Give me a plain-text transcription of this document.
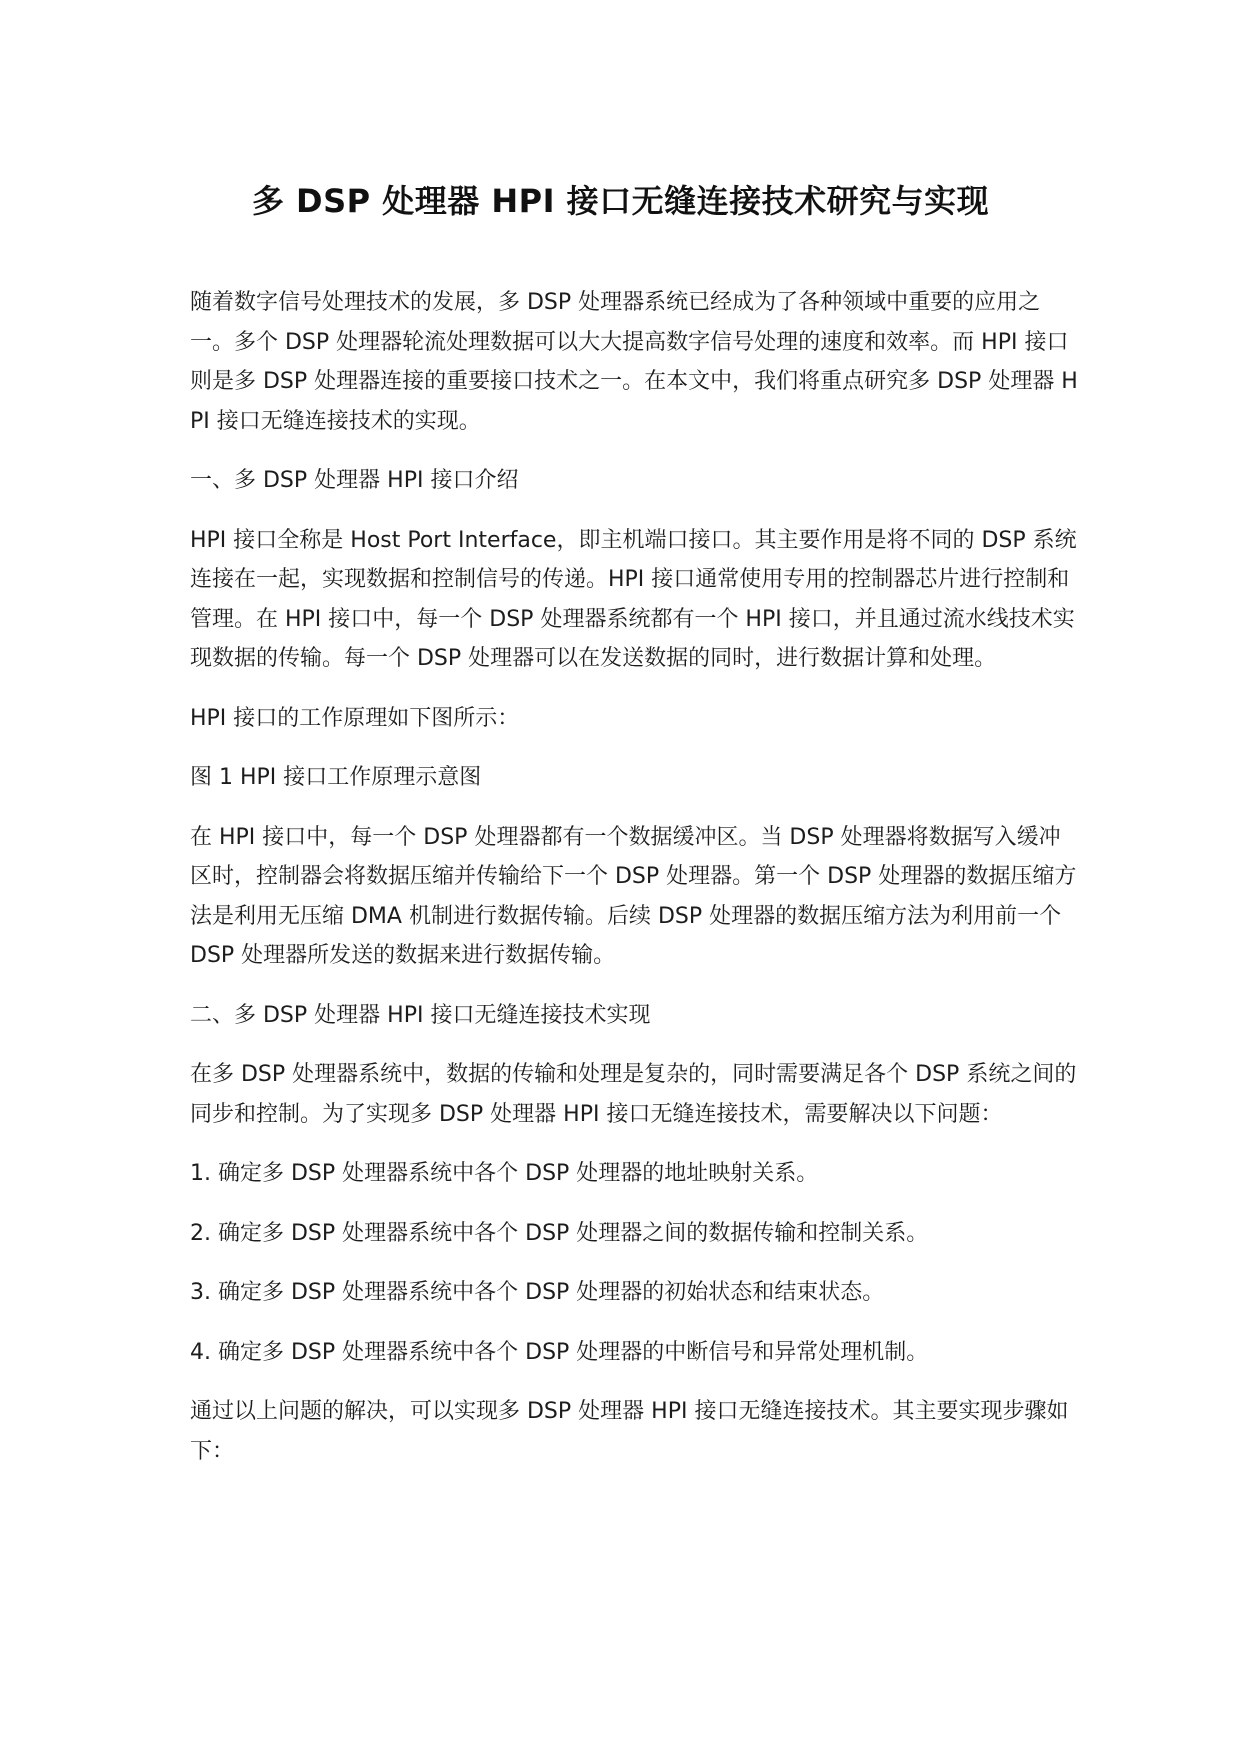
多 DSP 处理器 HPI 接口无缝连接技术研究与实现

随着数字信号处理技术的发展，多 DSP 处理器系统已经成为了各种领域中重要的应用之一。多个 DSP 处理器轮流处理数据可以大大提高数字信号处理的速度和效率。而 HPI 接口则是多 DSP 处理器连接的重要接口技术之一。在本文中，我们将重点研究多 DSP 处理器 HPI 接口无缝连接技术的实现。

一、多 DSP 处理器 HPI 接口介绍

HPI 接口全称是 Host Port Interface，即主机端口接口。其主要作用是将不同的 DSP 系统连接在一起，实现数据和控制信号的传递。HPI 接口通常使用专用的控制器芯片进行控制和管理。在 HPI 接口中，每一个 DSP 处理器系统都有一个 HPI 接口，并且通过流水线技术实现数据的传输。每一个 DSP 处理器可以在发送数据的同时，进行数据计算和处理。

HPI 接口的工作原理如下图所示：

图 1 HPI 接口工作原理示意图

在 HPI 接口中，每一个 DSP 处理器都有一个数据缓冲区。当 DSP 处理器将数据写入缓冲区时，控制器会将数据压缩并传输给下一个 DSP 处理器。第一个 DSP 处理器的数据压缩方法是利用无压缩 DMA 机制进行数据传输。后续 DSP 处理器的数据压缩方法为利用前一个 DSP 处理器所发送的数据来进行数据传输。

二、多 DSP 处理器 HPI 接口无缝连接技术实现

在多 DSP 处理器系统中，数据的传输和处理是复杂的，同时需要满足各个 DSP 系统之间的同步和控制。为了实现多 DSP 处理器 HPI 接口无缝连接技术，需要解决以下问题：

1. 确定多 DSP 处理器系统中各个 DSP 处理器的地址映射关系。

2. 确定多 DSP 处理器系统中各个 DSP 处理器之间的数据传输和控制关系。

3. 确定多 DSP 处理器系统中各个 DSP 处理器的初始状态和结束状态。

4. 确定多 DSP 处理器系统中各个 DSP 处理器的中断信号和异常处理机制。

通过以上问题的解决，可以实现多 DSP 处理器 HPI 接口无缝连接技术。其主要实现步骤如下：
